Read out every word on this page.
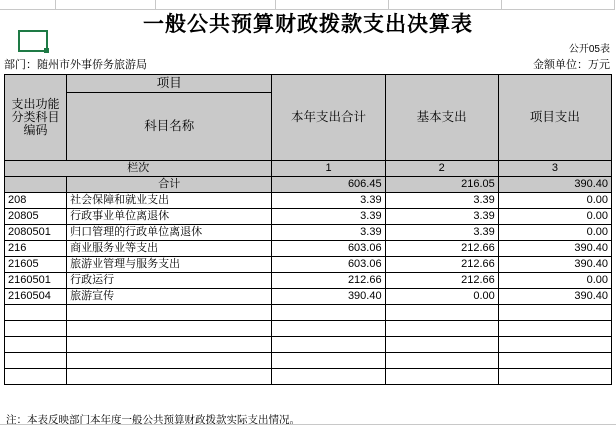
一般公共预算财政拨款支出决算表
公开05表
部门：随州市外事侨务旅游局	金额单位：万元
支出功能
分类科目
编码	项目	本年支出合计	基本支出	项目支出
	科目名称			
栏次		1	2	3
	合计	606.45	216.05	390.40
208	社会保障和就业支出	3.39	3.39	0.00
20805	行政事业单位离退休	3.39	3.39	0.00
2080501	归口管理的行政单位离退休	3.39	3.39	0.00
216	商业服务业等支出	603.06	212.66	390.40
21605	旅游业管理与服务支出	603.06	212.66	390.40
2160501	行政运行	212.66	212.66	0.00
2160504	旅游宣传	390.40	0.00	390.40

注：本表反映部门本年度一般公共预算财政拨款实际支出情况。
